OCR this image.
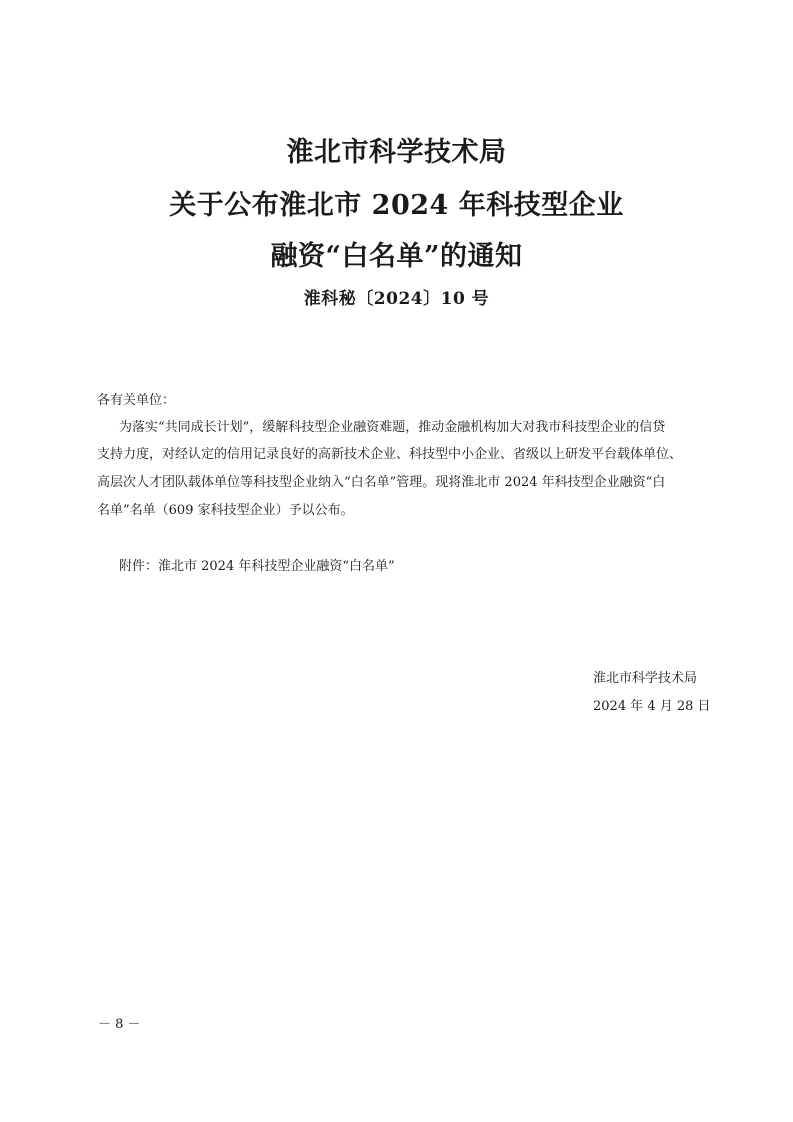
淮北市科学技术局
关于公布淮北市 2024 年科技型企业
融资“白名单”的通知
淮科秘〔2024〕10 号
各有关单位：
为落实“共同成长计划”，缓解科技型企业融资难题，推动金融机构加大对我市科技型企业的信贷
支持力度，对经认定的信用记录良好的高新技术企业、科技型中小企业、省级以上研发平台载体单位、
高层次人才团队载体单位等科技型企业纳入“白名单”管理。现将淮北市 2024 年科技型企业融资“白
名单”名单（609 家科技型企业）予以公布。
附件：淮北市 2024 年科技型企业融资“白名单”
淮北市科学技术局
2024 年 4 月 28 日
－ 8 －
